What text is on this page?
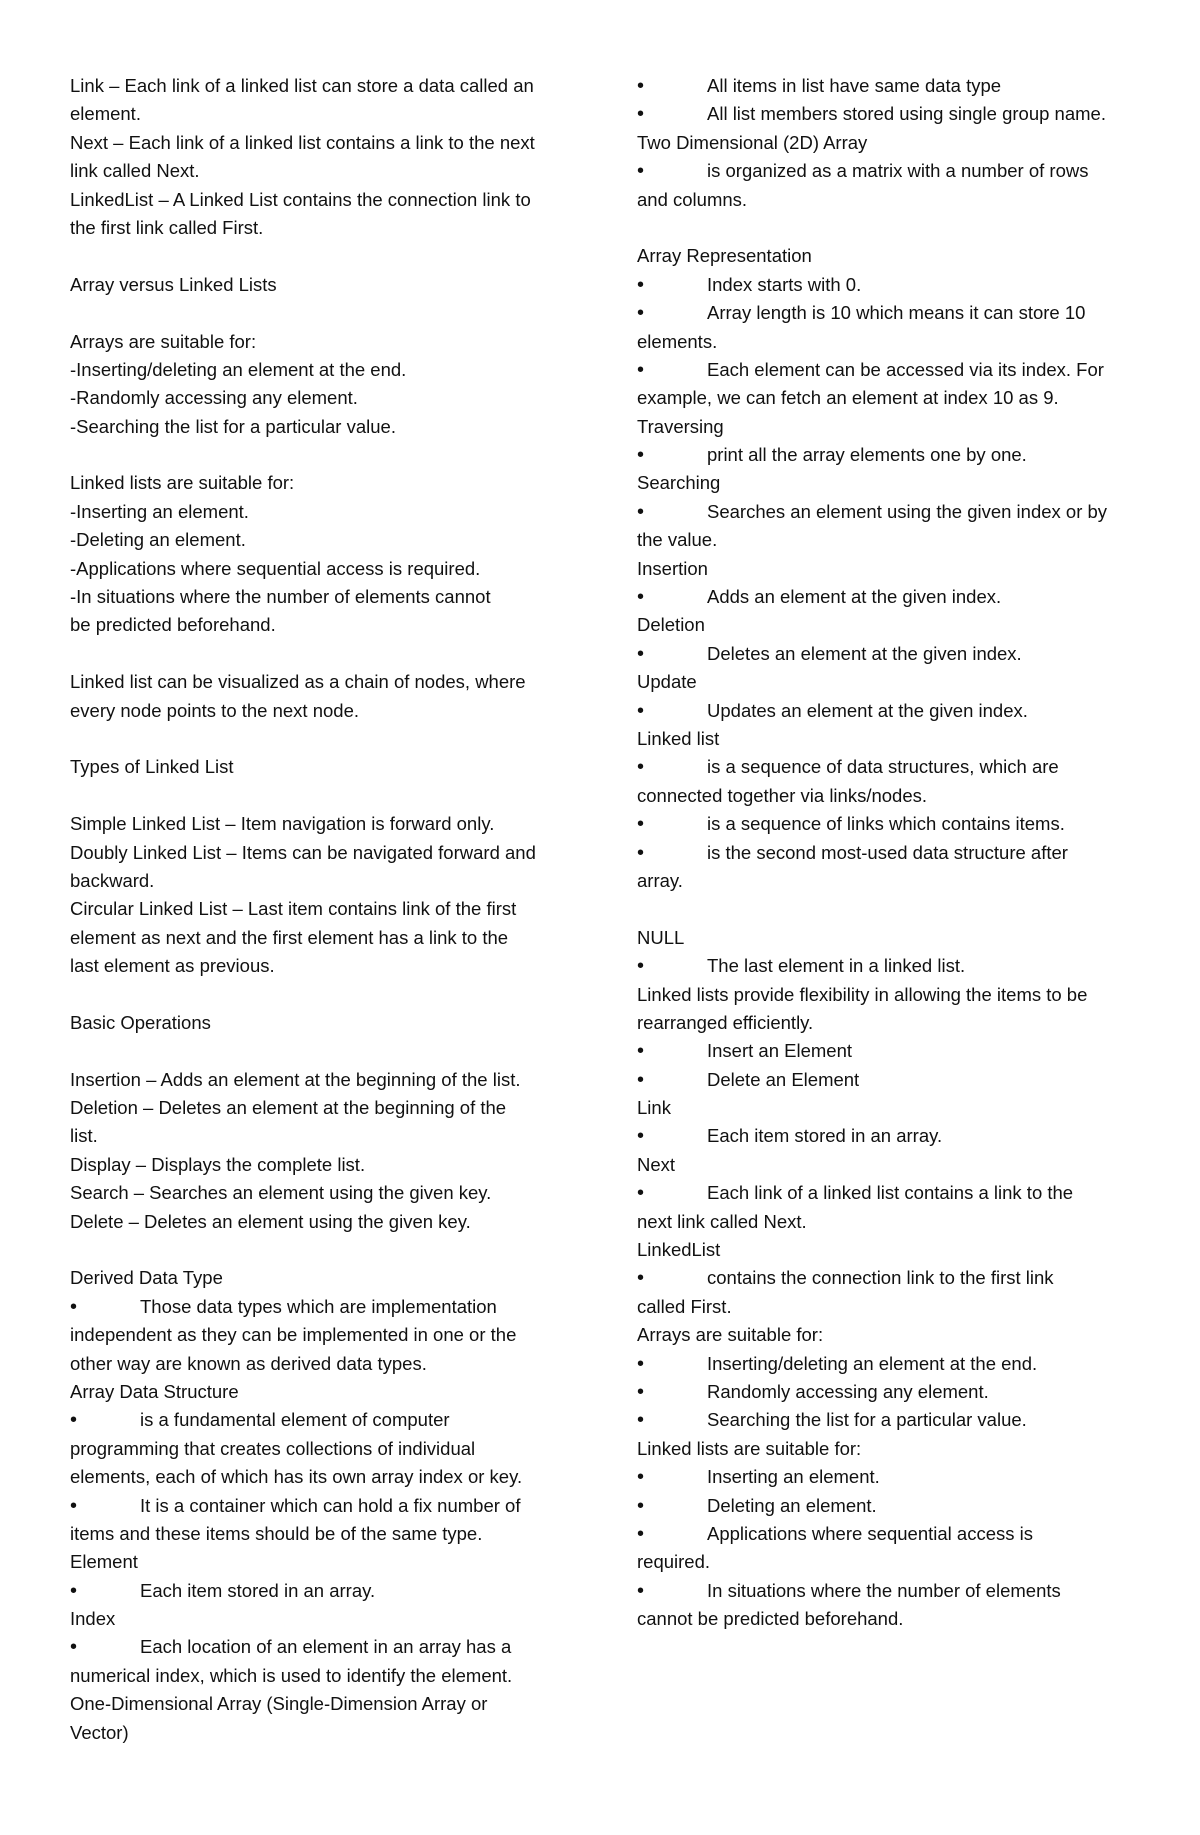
Link – Each link of a linked list can store a data called an
element.
Next – Each link of a linked list contains a link to the next
link called Next.
LinkedList – A Linked List contains the connection link to
the first link called First.
Array versus Linked Lists
Arrays are suitable for:
-Inserting/deleting an element at the end.
-Randomly accessing any element.
-Searching the list for a particular value.
Linked lists are suitable for:
-Inserting an element.
-Deleting an element.
-Applications where sequential access is required.
-In situations where the number of elements cannot
be predicted beforehand.
Linked list can be visualized as a chain of nodes, where
every node points to the next node.
Types of Linked List
Simple Linked List – Item navigation is forward only.
Doubly Linked List – Items can be navigated forward and
backward.
Circular Linked List – Last item contains link of the first
element as next and the first element has a link to the
last element as previous.
Basic Operations
Insertion – Adds an element at the beginning of the list.
Deletion – Deletes an element at the beginning of the
list.
Display – Displays the complete list.
Search – Searches an element using the given key.
Delete – Deletes an element using the given key.
Derived Data Type
•	Those data types which are implementation
independent as they can be implemented in one or the
other way are known as derived data types.
Array Data Structure
•	is a fundamental element of computer
programming that creates collections of individual
elements, each of which has its own array index or key.
•	It is a container which can hold a fix number of
items and these items should be of the same type.
Element
•	Each item stored in an array.
Index
•	Each location of an element in an array has a
numerical index, which is used to identify the element.
One-Dimensional Array (Single-Dimension Array or
Vector)
•	All items in list have same data type
•	All list members stored using single group name.
Two Dimensional (2D) Array
•	is organized as a matrix with a number of rows
and columns.
Array Representation
•	Index starts with 0.
•	Array length is 10 which means it can store 10
elements.
•	Each element can be accessed via its index. For
example, we can fetch an element at index 10 as 9.
Traversing
•	print all the array elements one by one.
Searching
•	Searches an element using the given index or by
the value.
Insertion
•	Adds an element at the given index.
Deletion
•	Deletes an element at the given index.
Update
•	Updates an element at the given index.
Linked list
•	is a sequence of data structures, which are
connected together via links/nodes.
•	is a sequence of links which contains items.
•	is the second most-used data structure after
array.
NULL
•	The last element in a linked list.
Linked lists provide flexibility in allowing the items to be
rearranged efficiently.
•	Insert an Element
•	Delete an Element
Link
•	Each item stored in an array.
Next
•	Each link of a linked list contains a link to the
next link called Next.
LinkedList
•	contains the connection link to the first link
called First.
Arrays are suitable for:
•	Inserting/deleting an element at the end.
•	Randomly accessing any element.
•	Searching the list for a particular value.
Linked lists are suitable for:
•	Inserting an element.
•	Deleting an element.
•	Applications where sequential access is
required.
•	In situations where the number of elements
cannot be predicted beforehand.
